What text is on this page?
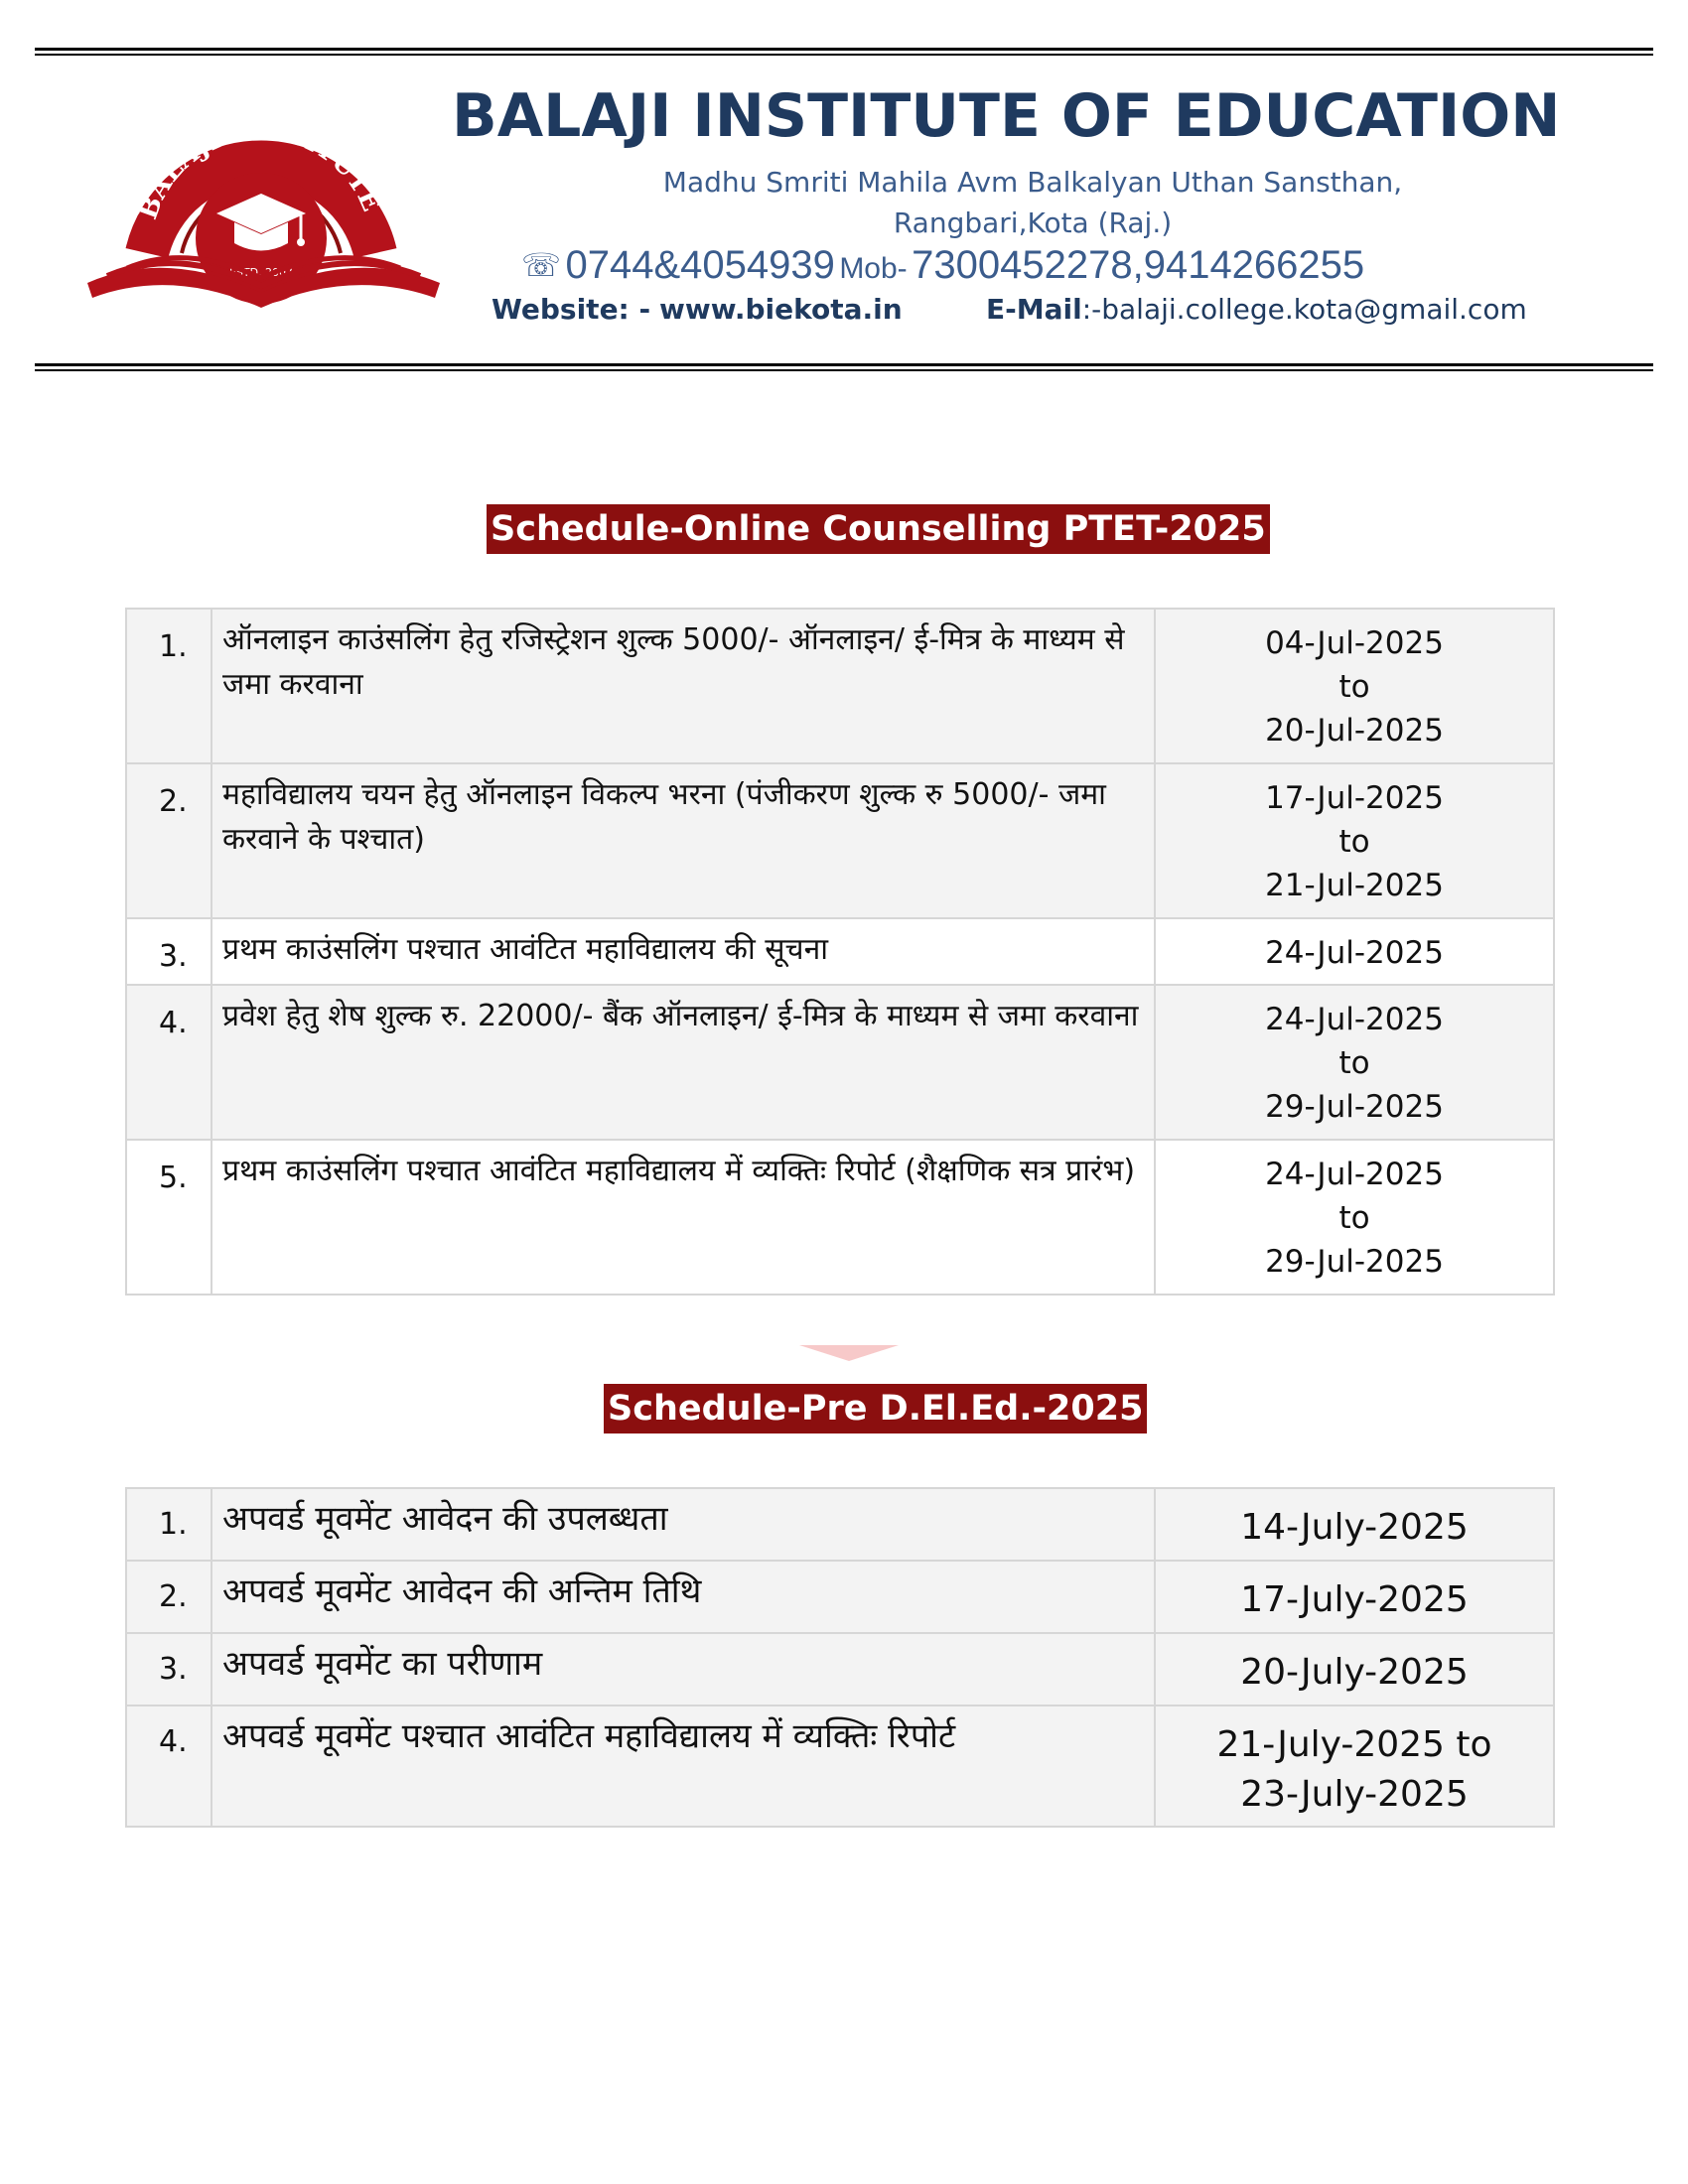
BALAJI INSTITUTE
ESTD. 2007
BALAJI INSTITUTE OF EDUCATION
Madhu Smriti Mahila Avm Balkalyan Uthan Sansthan,
Rangbari,Kota (Raj.)
☏ 0744&4054939 Mob- 7300452278,9414266255
Website: - www.biekota.in	E-Mail:-balaji.college.kota@gmail.com
Schedule-Online Counselling PTET-2025
1.	ऑनलाइन काउंसलिंग हेतु रजिस्ट्रेशन शुल्क 5000/- ऑनलाइन/ ई-मित्र के माध्यम से जमा करवाना	04-Jul-2025
to
20-Jul-2025

2.	महाविद्यालय चयन हेतु ऑनलाइन विकल्प भरना (पंजीकरण शुल्क रु 5000/- जमा करवाने के पश्चात)	17-Jul-2025
to
21-Jul-2025

3.	प्रथम काउंसलिंग पश्चात आवंटित महाविद्यालय की सूचना	24-Jul-2025

4.	प्रवेश हेतु शेष शुल्क रु. 22000/- बैंक ऑनलाइन/ ई-मित्र के माध्यम से जमा करवाना	24-Jul-2025
to
29-Jul-2025

5.	प्रथम काउंसलिंग पश्चात आवंटित महाविद्यालय में व्यक्तिः रिपोर्ट (शैक्षणिक सत्र प्रारंभ)	24-Jul-2025
to
29-Jul-2025
Schedule-Pre D.El.Ed.-2025
1.	अपवर्ड मूवमेंट आवेदन की उपलब्धता	14-July-2025

2.	अपवर्ड मूवमेंट आवेदन की अन्तिम तिथि	17-July-2025

3.	अपवर्ड मूवमेंट का परीणाम	20-July-2025

4.	अपवर्ड मूवमेंट पश्चात आवंटित महाविद्यालय में व्यक्तिः रिपोर्ट	21-July-2025 to
23-July-2025
